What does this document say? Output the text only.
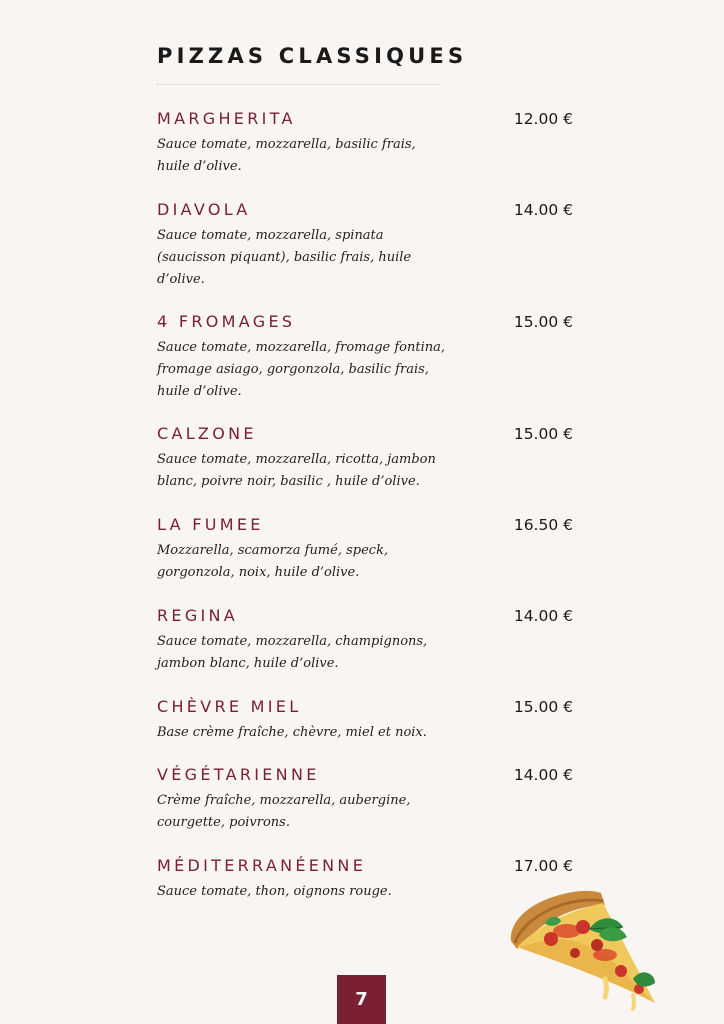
PIZZAS CLASSIQUES
MARGHERITA	12.00 €
Sauce tomate, mozzarella, basilic frais, huile d’olive.
DIAVOLA	14.00 €
Sauce tomate, mozzarella, spinata (saucisson piquant), basilic frais, huile d’olive.
4 FROMAGES	15.00 €
Sauce tomate, mozzarella, fromage fontina, fromage asiago, gorgonzola, basilic frais, huile d’olive.
CALZONE	15.00 €
Sauce tomate, mozzarella, ricotta, jambon blanc, poivre noir, basilic , huile d’olive.
LA FUMEE	16.50 €
Mozzarella, scamorza fumé, speck, gorgonzola, noix, huile d’olive.
REGINA	14.00 €
Sauce tomate, mozzarella, champignons, jambon blanc, huile d’olive.
CHÈVRE MIEL	15.00 €
Base crème fraîche, chèvre, miel et noix.
VÉGÉTARIENNE	14.00 €
Crème fraîche, mozzarella, aubergine, courgette, poivrons.
MÉDITERRANÉENNE	17.00 €
Sauce tomate, thon, oignons rouge.
7
